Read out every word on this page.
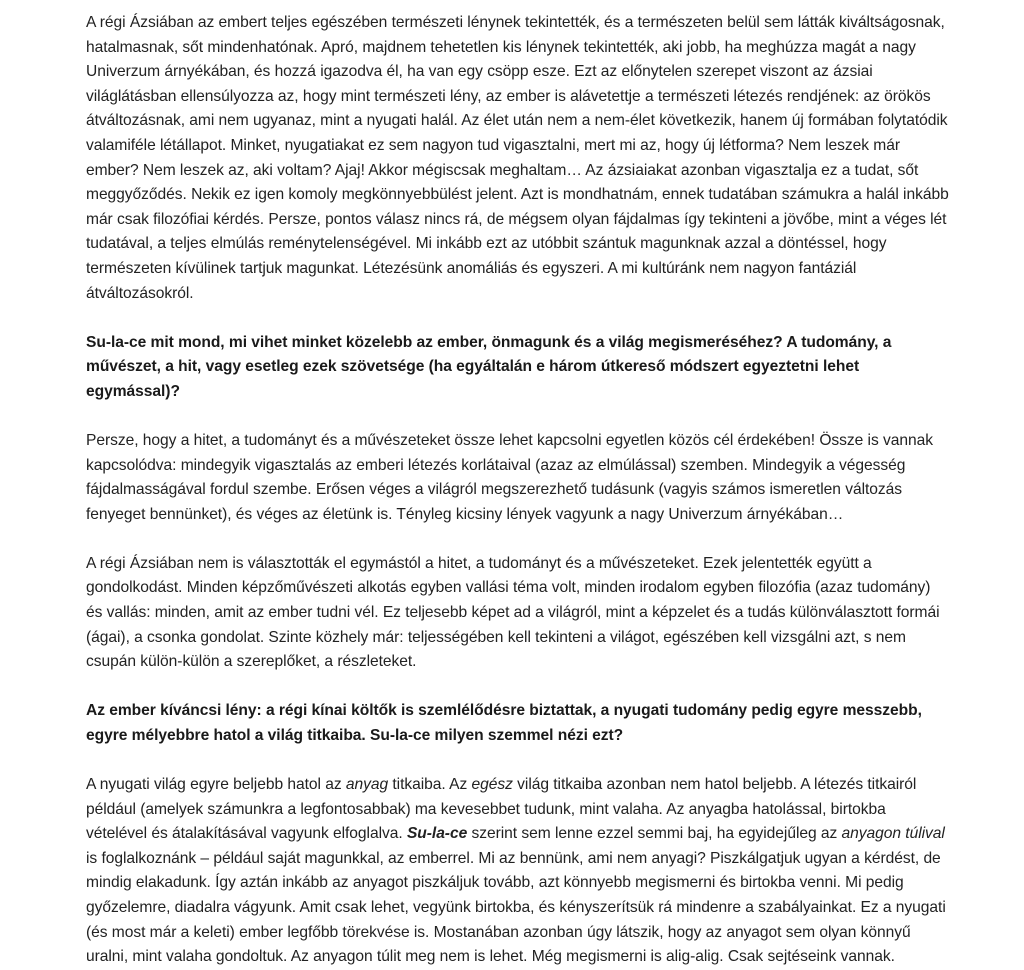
A régi Ázsiában az embert teljes egészében természeti lénynek tekintették, és a természeten belül sem látták kiváltságosnak, hatalmasnak, sőt mindenhatónak. Apró, majdnem tehetetlen kis lénynek tekintették, aki jobb, ha meghúzza magát a nagy Univerzum árnyékában, és hozzá igazodva él, ha van egy csöpp esze. Ezt az előnytelen szerepet viszont az ázsiai világlátásban ellensúlyozza az, hogy mint természeti lény, az ember is alávetettje a természeti létezés rendjének: az örökös átváltozásnak, ami nem ugyanaz, mint a nyugati halál. Az élet után nem a nem-élet következik, hanem új formában folytatódik valamiféle létállapot. Minket, nyugatiakat ez sem nagyon tud vigasztalni, mert mi az, hogy új létforma? Nem leszek már ember? Nem leszek az, aki voltam? Ajaj! Akkor mégiscsak meghaltam… Az ázsiaiakat azonban vigasztalja ez a tudat, sőt meggyőződés. Nekik ez igen komoly megkönnyebbülést jelent. Azt is mondhatnám, ennek tudatában számukra a halál inkább már csak filozófiai kérdés. Persze, pontos válasz nincs rá, de mégsem olyan fájdalmas így tekinteni a jövőbe, mint a véges lét tudatával, a teljes elmúlás reménytelenségével. Mi inkább ezt az utóbbit szántuk magunknak azzal a döntéssel, hogy természeten kívülinek tartjuk magunkat. Létezésünk anomáliás és egyszeri. A mi kultúránk nem nagyon fantáziál átváltozásokról.

Su-la-ce mit mond, mi vihet minket közelebb az ember, önmagunk és a világ megismeréséhez? A tudomány, a művészet, a hit, vagy esetleg ezek szövetsége (ha egyáltalán e három útkereső módszert egyeztetni lehet egymással)?

Persze, hogy a hitet, a tudományt és a művészeteket össze lehet kapcsolni egyetlen közös cél érdekében! Össze is vannak kapcsolódva: mindegyik vigasztalás az emberi létezés korlátaival (azaz az elmúlással) szemben. Mindegyik a végesség fájdalmasságával fordul szembe. Erősen véges a világról megszerezhető tudásunk (vagyis számos ismeretlen változás fenyeget bennünket), és véges az életünk is. Tényleg kicsiny lények vagyunk a nagy Univerzum árnyékában…

A régi Ázsiában nem is választották el egymástól a hitet, a tudományt és a művészeteket. Ezek jelentették együtt a gondolkodást. Minden képzőművészeti alkotás egyben vallási téma volt, minden irodalom egyben filozófia (azaz tudomány) és vallás: minden, amit az ember tudni vél. Ez teljesebb képet ad a világról, mint a képzelet és a tudás különválasztott formái (ágai), a csonka gondolat. Szinte közhely már: teljességében kell tekinteni a világot, egészében kell vizsgálni azt, s nem csupán külön-külön a szereplőket, a részleteket.

Az ember kíváncsi lény: a régi kínai költők is szemlélődésre biztattak, a nyugati tudomány pedig egyre messzebb, egyre mélyebbre hatol a világ titkaiba. Su-la-ce milyen szemmel nézi ezt?

A nyugati világ egyre beljebb hatol az anyag titkaiba. Az egész világ titkaiba azonban nem hatol beljebb. A létezés titkairól például (amelyek számunkra a legfontosabbak) ma kevesebbet tudunk, mint valaha. Az anyagba hatolással, birtokba vételével és átalakításával vagyunk elfoglalva. Su-la-ce szerint sem lenne ezzel semmi baj, ha egyidejűleg az anyagon túlival is foglalkoznánk – például saját magunkkal, az emberrel. Mi az bennünk, ami nem anyagi? Piszkálgatjuk ugyan a kérdést, de mindig elakadunk. Így aztán inkább az anyagot piszkáljuk tovább, azt könnyebb megismerni és birtokba venni. Mi pedig győzelemre, diadalra vágyunk. Amit csak lehet, vegyünk birtokba, és kényszerítsük rá mindenre a szabályainkat. Ez a nyugati (és most már a keleti) ember legfőbb törekvése is. Mostanában azonban úgy látszik, hogy az anyagot sem olyan könnyű uralni, mint valaha gondoltuk. Az anyagon túlit meg nem is lehet. Még megismerni is alig-alig. Csak sejtéseink vannak.
